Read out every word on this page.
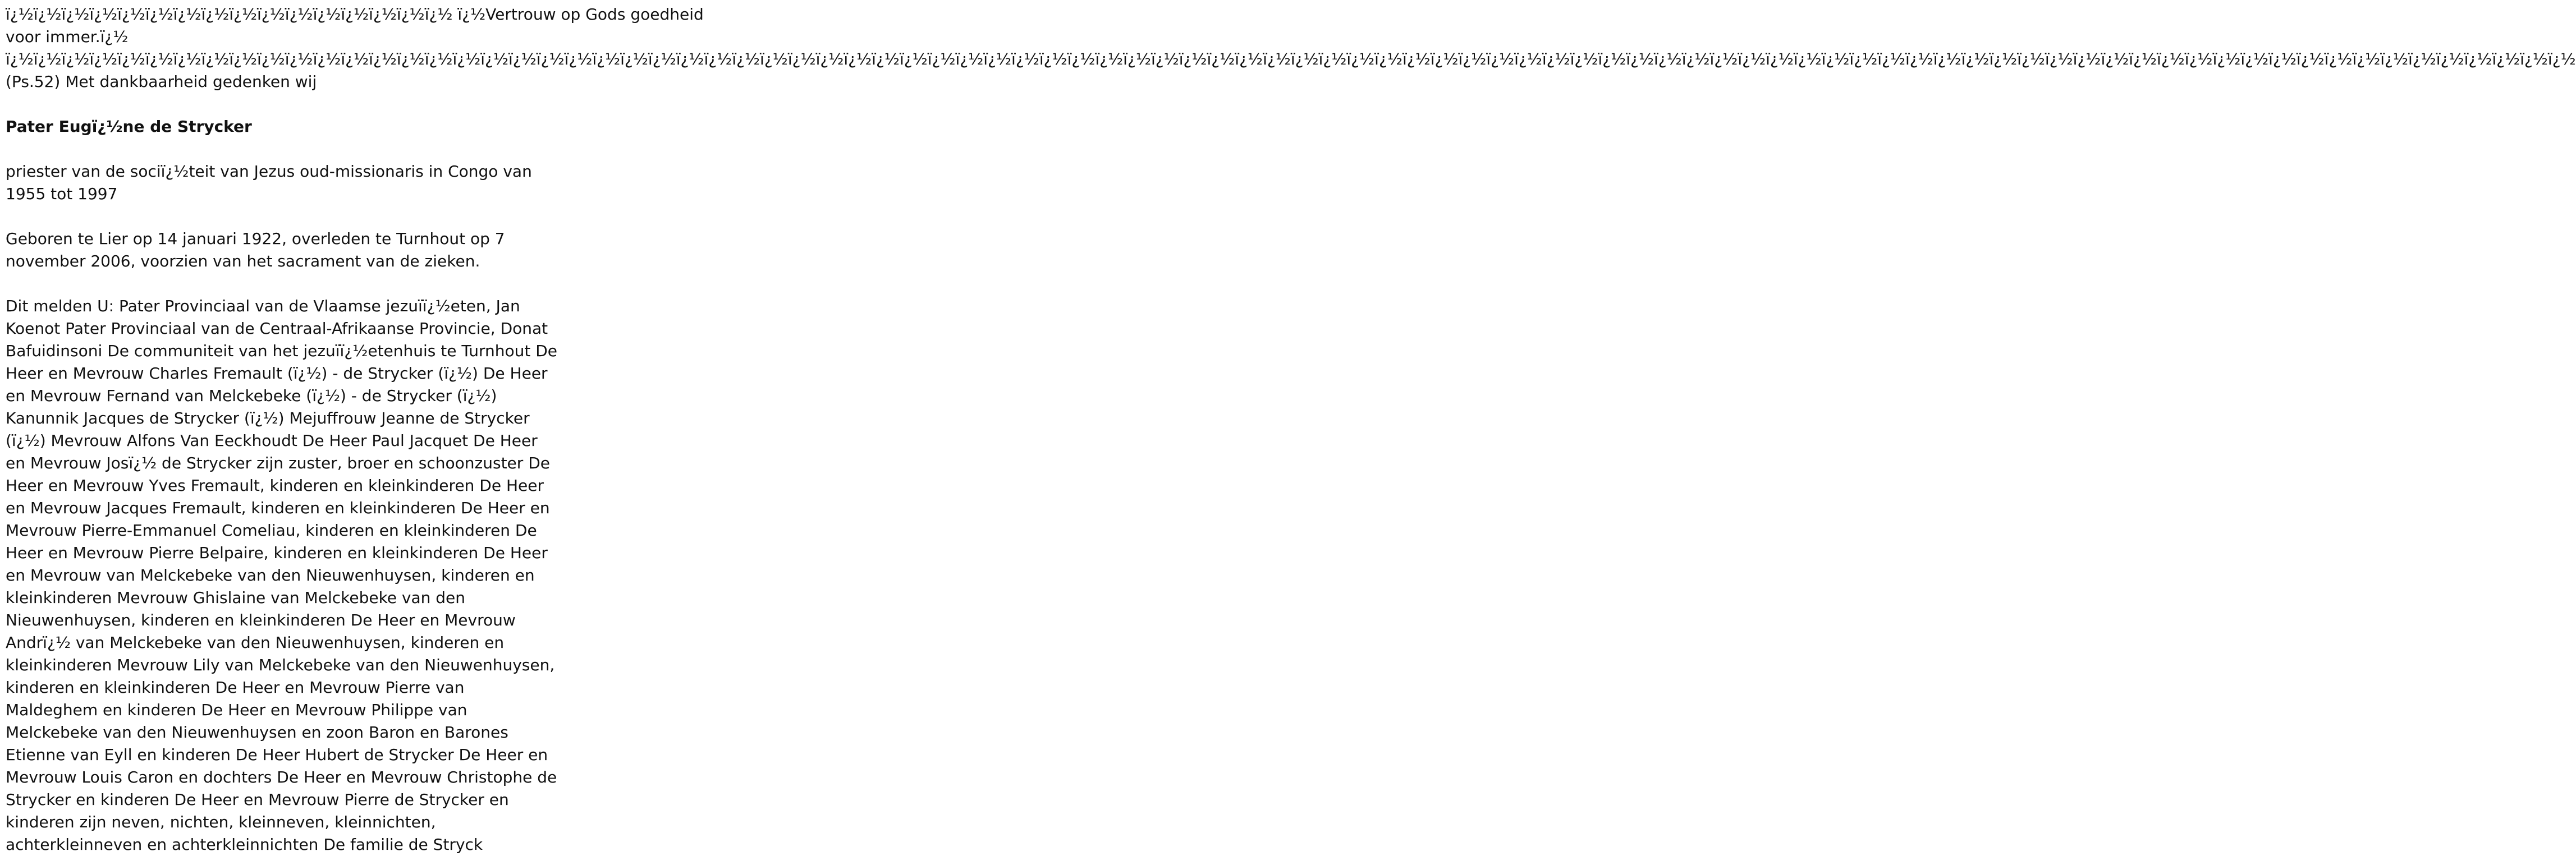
ï¿½ï¿½ï¿½ï¿½ï¿½ï¿½ï¿½ï¿½ï¿½ï¿½ï¿½ï¿½ï¿½ï¿½ï¿½ï¿½ ï¿½Vertrouw op Gods goedheid
voor immer.ï¿½
ï¿½ï¿½ï¿½ï¿½ï¿½ï¿½ï¿½ï¿½ï¿½ï¿½ï¿½ï¿½ï¿½ï¿½ï¿½ï¿½ï¿½ï¿½ï¿½ï¿½ï¿½ï¿½ï¿½ï¿½ï¿½ï¿½ï¿½ï¿½ï¿½ï¿½ï¿½ï¿½ï¿½ï¿½ï¿½ï¿½ï¿½ï¿½ï¿½ï¿½ï¿½ï¿½ï¿½ï¿½ï¿½ï¿½ï¿½ï¿½ï¿½ï¿½ï¿½ï¿½ï¿½ï¿½ï¿½ï¿½ï¿½ï¿½ï¿½ï¿½ï¿½ï¿½ï¿½ï¿½ï¿½ï¿½ï¿½ï¿½ï¿½ï¿½ï¿½ï¿½ï¿½ï¿½ï¿½ï¿½ï¿½ï¿½ï¿½ï¿½ï¿½ï¿½ï¿½ï¿½ï¿½ï¿½ï¿½ï¿½ï¿½ï¿½ï¿½ï¿½
(Ps.52) Met dankbaarheid gedenken wij
Pater Eugï¿½ne de Strycker
priester van de sociï¿½teit van Jezus oud-missionaris in Congo van 1955 tot 1997
Geboren te Lier op 14 januari 1922, overleden te Turnhout op 7 november 2006, voorzien van het sacrament van de zieken.
Dit melden U: Pater Provinciaal van de Vlaamse jezuïï¿½eten, Jan Koenot Pater Provinciaal van de Centraal-Afrikaanse Provincie, Donat Bafuidinsoni De communiteit van het jezuïï¿½etenhuis te Turnhout De Heer en Mevrouw Charles Fremault (ï¿½) - de Strycker (ï¿½) De Heer en Mevrouw Fernand van Melckebeke (ï¿½) - de Strycker (ï¿½) Kanunnik Jacques de Strycker (ï¿½) Mejuffrouw Jeanne de Strycker (ï¿½) Mevrouw Alfons Van Eeckhoudt De Heer Paul Jacquet De Heer en Mevrouw Josï¿½ de Strycker zijn zuster, broer en schoonzuster De Heer en Mevrouw Yves Fremault, kinderen en kleinkinderen De Heer en Mevrouw Jacques Fremault, kinderen en kleinkinderen De Heer en Mevrouw Pierre-Emmanuel Comeliau, kinderen en kleinkinderen De Heer en Mevrouw Pierre Belpaire, kinderen en kleinkinderen De Heer en Mevrouw van Melckebeke van den Nieuwenhuysen, kinderen en kleinkinderen Mevrouw Ghislaine van Melckebeke van den Nieuwenhuysen, kinderen en kleinkinderen De Heer en Mevrouw Andrï¿½ van Melckebeke van den Nieuwenhuysen, kinderen en kleinkinderen Mevrouw Lily van Melckebeke van den Nieuwenhuysen, kinderen en kleinkinderen De Heer en Mevrouw Pierre van Maldeghem en kinderen De Heer en Mevrouw Philippe van Melckebeke van den Nieuwenhuysen en zoon Baron en Barones Etienne van Eyll en kinderen De Heer Hubert de Strycker De Heer en Mevrouw Louis Caron en dochters De Heer en Mevrouw Christophe de Strycker en kinderen De Heer en Mevrouw Pierre de Strycker en kinderen zijn neven, nichten, kleinneven, kleinnichten, achterkleinneven en achterkleinnichten De familie de Stryck
